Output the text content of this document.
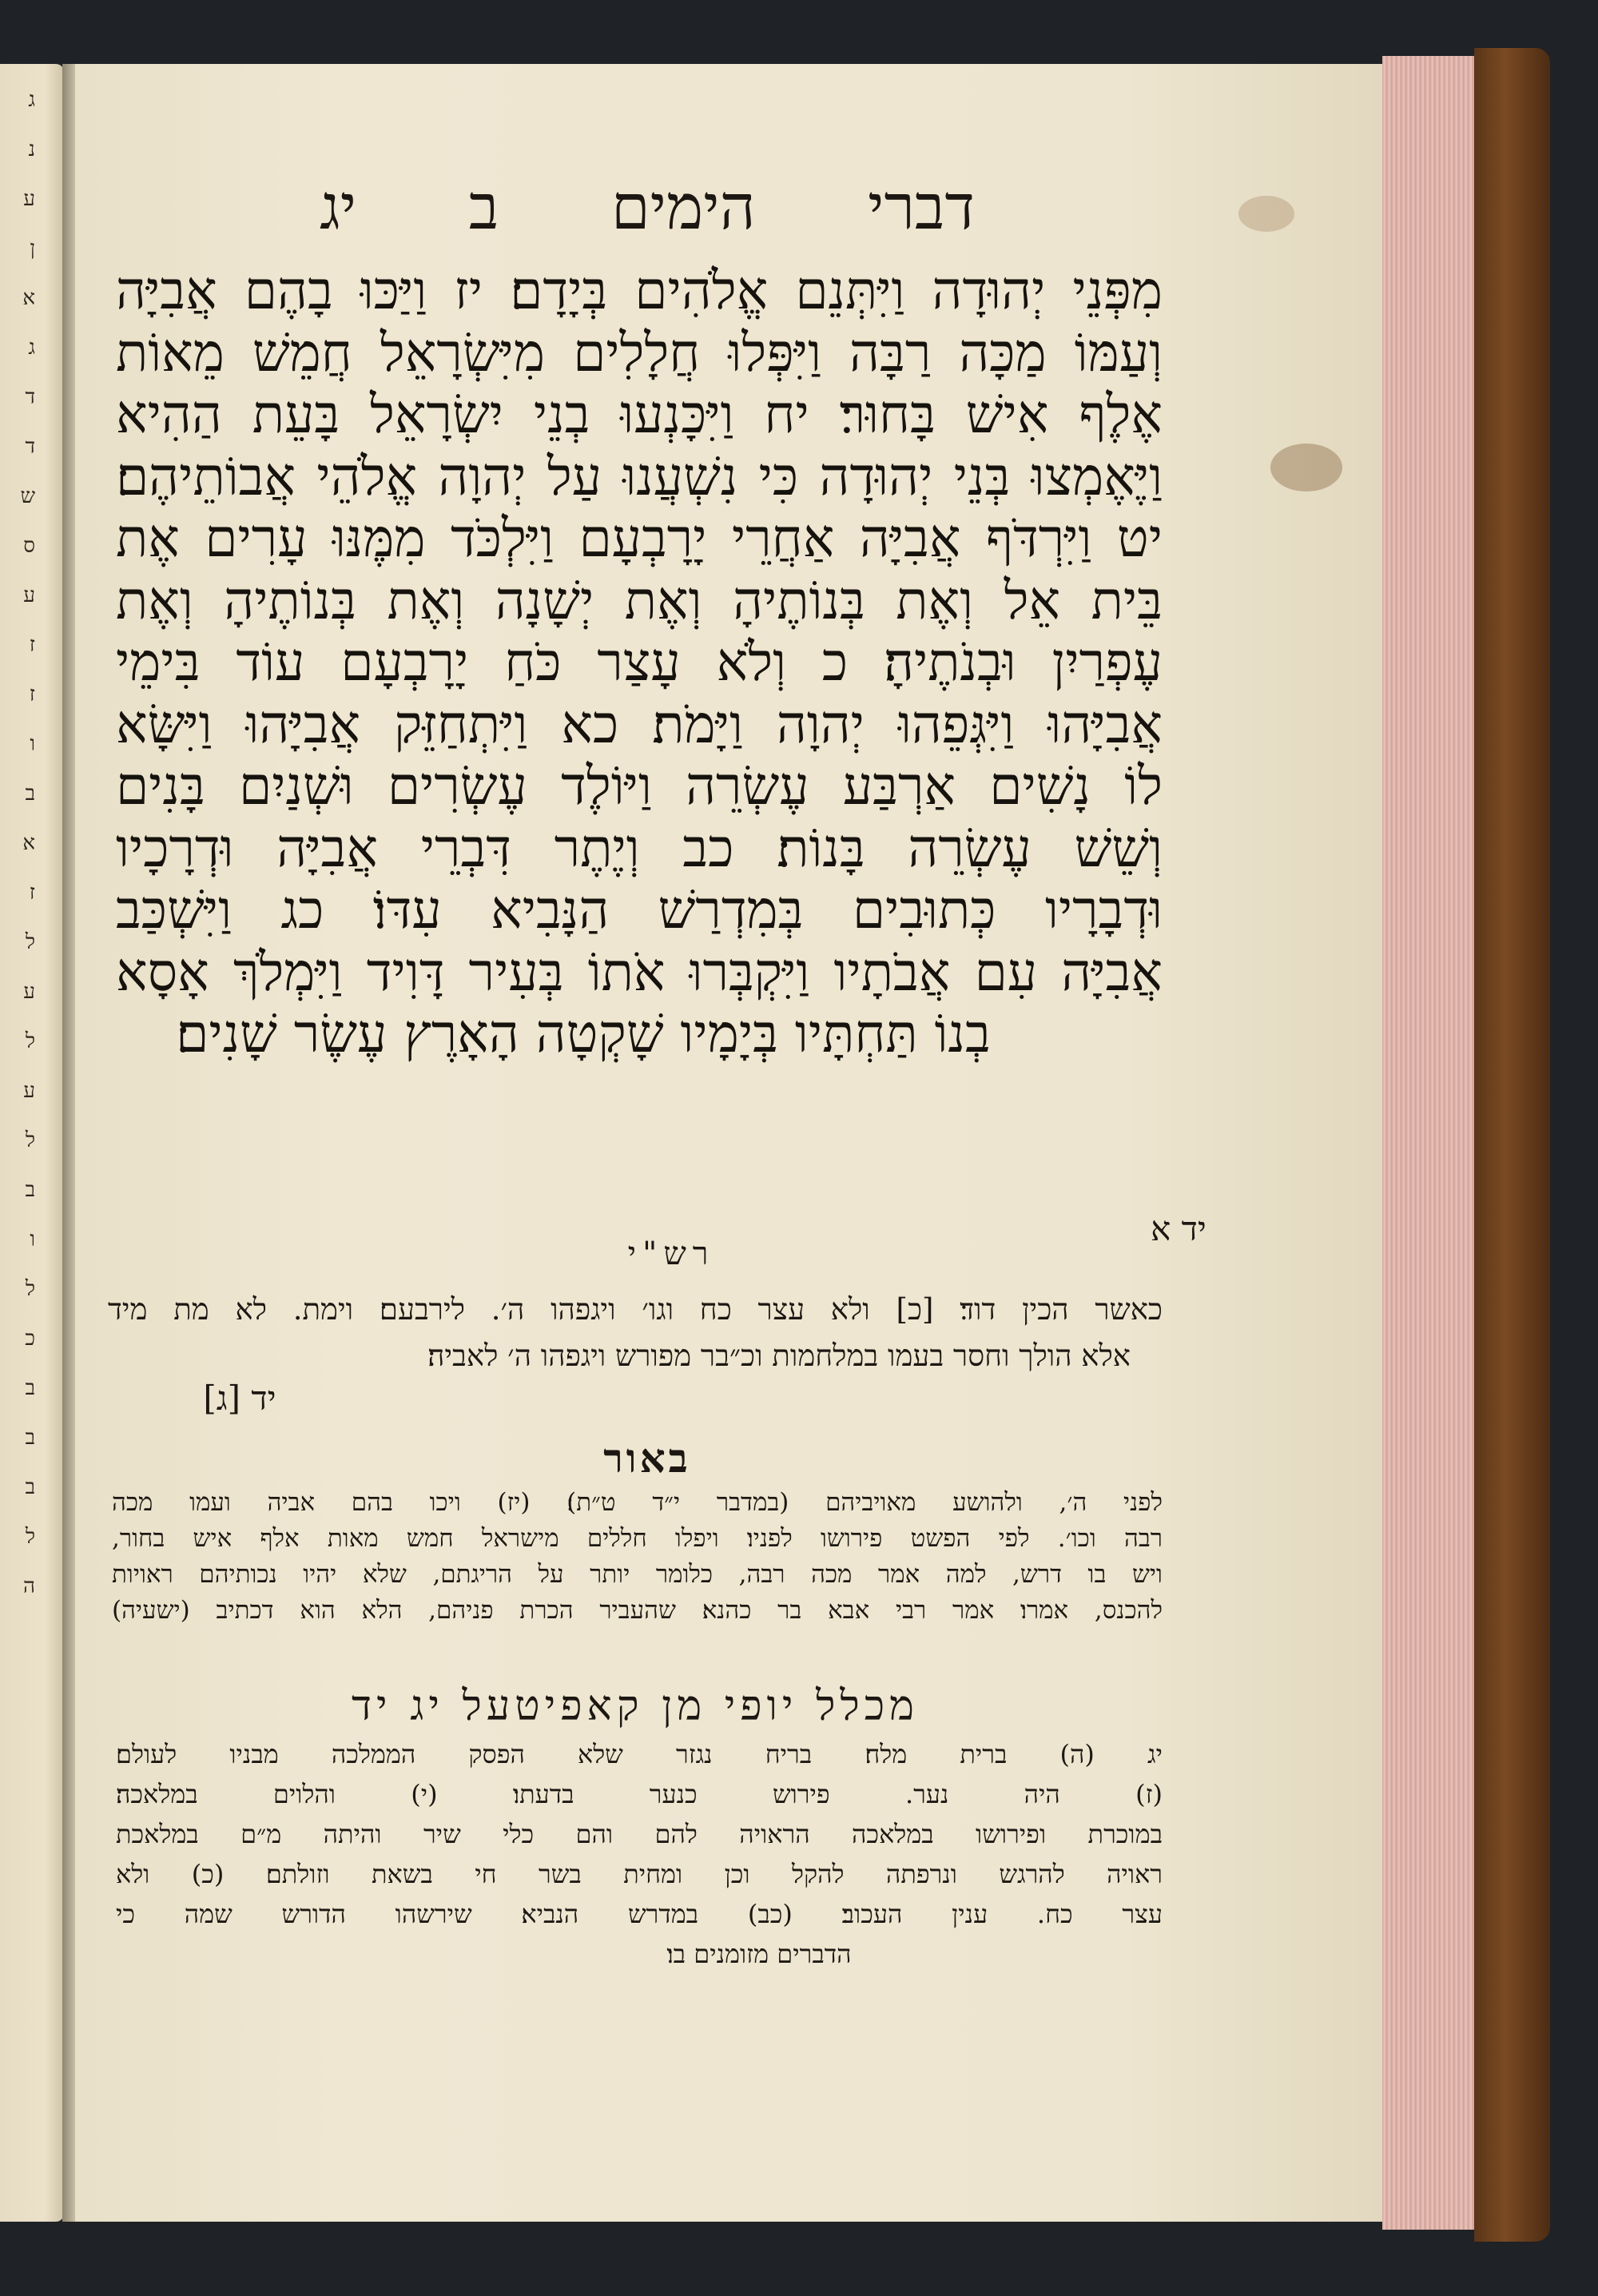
ג
נ
ע
ן
א
ג
ד
ד
ש
ס
ע
ז
ז
ו
ב
א
ז
ל
ע
ל
ע
ל
ב
ו
ל
כ
ב
ב
ב
ל
ה
דברי
הימים
ב
יג
מִפְּנֵי יְהוּדָה וַיִּתְּנֵם אֱלֹהִים בְּיָדָם׃ יז וַיַּכּוּ בָהֶם אֲבִיָּה
וְעַמּוֹ מַכָּה רַבָּה וַיִּפְּלוּ חֲלָלִים מִיִּשְׂרָאֵל חֲמֵשׁ מֵאוֹת
אֶלֶף אִישׁ בָּחוּר׃ יח וַיִּכָּנְעוּ בְנֵי יִשְׂרָאֵל בָּעֵת הַהִיא
וַיֶּאֶמְצוּ בְּנֵי יְהוּדָה כִּי נִשְׁעֲנוּ עַל יְהוָה אֱלֹהֵי אֲבוֹתֵיהֶם׃
יט וַיִּרְדֹּף אֲבִיָּה אַחֲרֵי יָרָבְעָם וַיִּלְכֹּד מִמֶּנּוּ עָרִים אֶת
בֵּית אֵל וְאֶת בְּנוֹתֶיהָ וְאֶת יְשָׁנָה וְאֶת בְּנוֹתֶיהָ וְאֶת
עֶפְרַיִן וּבְנֹתֶיהָ׃ כ וְלֹא עָצַר כֹּחַ יָרָבְעָם עוֹד בִּימֵי
אֲבִיָּהוּ וַיִּגְּפֵהוּ יְהוָה וַיָּמֹת׃ כא וַיִּתְחַזֵּק אֲבִיָּהוּ וַיִּשָּׂא
לוֹ נָשִׁים אַרְבַּע עֶשְׂרֵה וַיּוֹלֶד עֶשְׂרִים וּשְׁנַיִם בָּנִים
וְשֵׁשׁ עֶשְׂרֵה בָּנוֹת׃ כב וְיֶתֶר דִּבְרֵי אֲבִיָּה וּדְרָכָיו
וּדְבָרָיו כְּתוּבִים בְּמִדְרַשׁ הַנָּבִיא עִדּוֹ׃ כג וַיִּשְׁכַּב
אֲבִיָּה עִם אֲבֹתָיו וַיִּקְבְּרוּ אֹתוֹ בְּעִיר דָּוִיד וַיִּמְלֹךְ אָסָא
בְנוֹ תַּחְתָּיו בְּיָמָיו שָׁקְטָה הָאָרֶץ עֶשֶׂר שָׁנִים׃
יד א
רש"י
כאשר הכין דוד׃ [כ] ולא עצר כח וגו׳ ויגפהו ה׳. לירבעם׃ וימת. לא מת מיד
אלא הולך וחסר בעמו במלחמות וכ״בר מפורש ויגפהו ה׳ לאביה׃
יד [ג]
באור
לפני ה׳, ולהושע מאויביהם (במדבר י״ד ט״ת)׃ (יז) ויכו בהם אביה ועמו מכה
רבה וכו׳. לפי הפשט פירושו לפניו׃ ויפלו חללים מישראל חמש מאות אלף איש בחור,
ויש בו דרש, למה אמר מכה רבה, כלומר יותר על הריגתם, שלא יהיו נכותיהם ראויות
להכנס, אמרו׃ אמר רבי אבא בר כהנא׃ שהעביר הכרת פניהם, הלא הוא דכתיב (ישעיה)
מכלל יופי מן קאפיטעל יג יד
יג (ה) ברית מלח׃ בריח נגזר שלא הפסק הממלכה מבניו לעולם׃
(ז) היה נער. פירוש כנער בדעתו׃ (י) והלוים במלאכה׃
במוכרת ופירושו במלאכה הראויה להם והם כלי שיר והיתה מ״ם במלאכת
ראויה להרגש ונרפתה להקל וכן ומחית בשר חי בשאת וזולתם׃ (כ) ולא
עצר כח. ענין העכוב׃ (כב) במדרש הנביא׃ שירשהו הדורש שמה כי
הדברים מזומנים בו׃
